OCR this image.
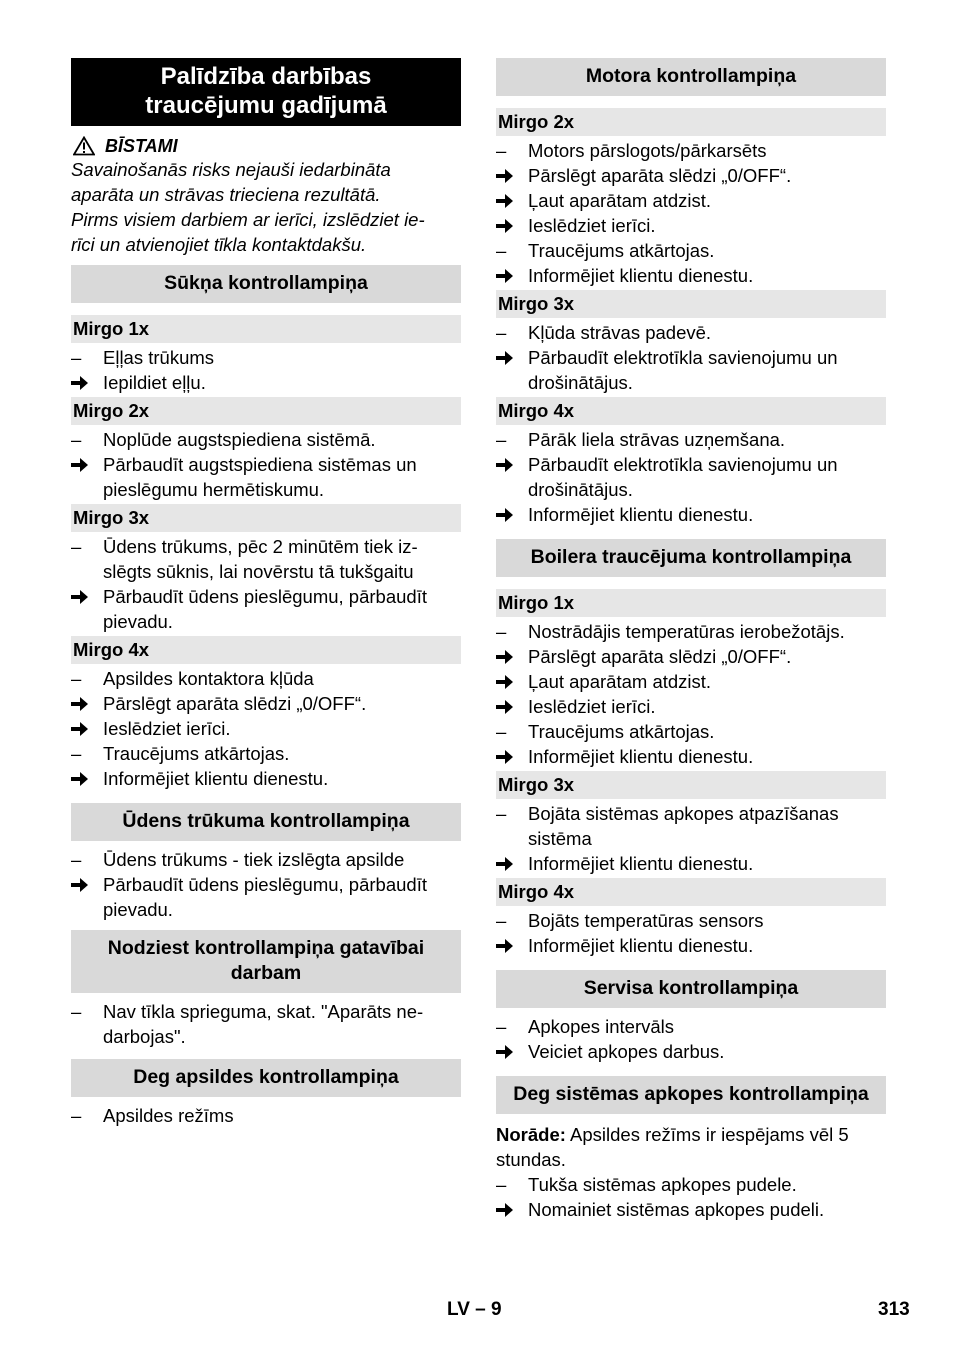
Palīdzība darbības
traucējumu gadījumā
BĪSTAMI

Savainošanās risks nejauši iedarbināta

aparāta un strāvas trieciena rezultātā.

Pirms visiem darbiem ar ierīci, izslēdziet ie-

rīci un atvienojiet tīkla kontaktdakšu.

Sūkņa kontrollampiņa
Mirgo 1x
–	Eļļas trūkums
Iepildiet eļļu.
Mirgo 2x
–	Noplūde augstspiediena sistēmā.
Pārbaudīt augstspiediena sistēmas un pieslēgumu hermētiskumu.
Mirgo 3x
–	Ūdens trūkums, pēc 2 minūtēm tiek iz-slēgts sūknis, lai novērstu tā tukšgaitu
Pārbaudīt ūdens pieslēgumu, pārbaudīt pievadu.
Mirgo 4x
–	Apsildes kontaktora kļūda
Pārslēgt aparāta slēdzi „0/OFF“.
Ieslēdziet ierīci.
–	Traucējums atkārtojas.
Informējiet klientu dienestu.
Ūdens trūkuma kontrollampiņa
–	Ūdens trūkums - tiek izslēgta apsilde
Pārbaudīt ūdens pieslēgumu, pārbaudīt pievadu.
Nodziest kontrollampiņa gatavībai darbam
–	Nav tīkla sprieguma, skat. "Aparāts ne-darbojas".
Deg apsildes kontrollampiņa
–	Apsildes režīms
Motora kontrollampiņa
Mirgo 2x
–	Motors pārslogots/pārkarsēts
Pārslēgt aparāta slēdzi „0/OFF“.
Ļaut aparātam atdzist.
Ieslēdziet ierīci.
–	Traucējums atkārtojas.
Informējiet klientu dienestu.
Mirgo 3x
–	Kļūda strāvas padevē.
Pārbaudīt elektrotīkla savienojumu un drošinātājus.
Mirgo 4x
–	Pārāk liela strāvas uzņemšana.
Pārbaudīt elektrotīkla savienojumu un drošinātājus.
Informējiet klientu dienestu.
Boilera traucējuma kontrollampiņa
Mirgo 1x
–	Nostrādājis temperatūras ierobežotājs.
Pārslēgt aparāta slēdzi „0/OFF“.
Ļaut aparātam atdzist.
Ieslēdziet ierīci.
–	Traucējums atkārtojas.
Informējiet klientu dienestu.
Mirgo 3x
–	Bojāta sistēmas apkopes atpazīšanas sistēma
Informējiet klientu dienestu.
Mirgo 4x
–	Bojāts temperatūras sensors
Informējiet klientu dienestu.
Servisa kontrollampiņa
–	Apkopes intervāls
Veiciet apkopes darbus.
Deg sistēmas apkopes kontrollampiņa

Norāde: Apsildes režīms ir iespējams vēl 5 stundas.

–	Tukša sistēmas apkopes pudele.
Nomainiet sistēmas apkopes pudeli.
LV – 9	313
